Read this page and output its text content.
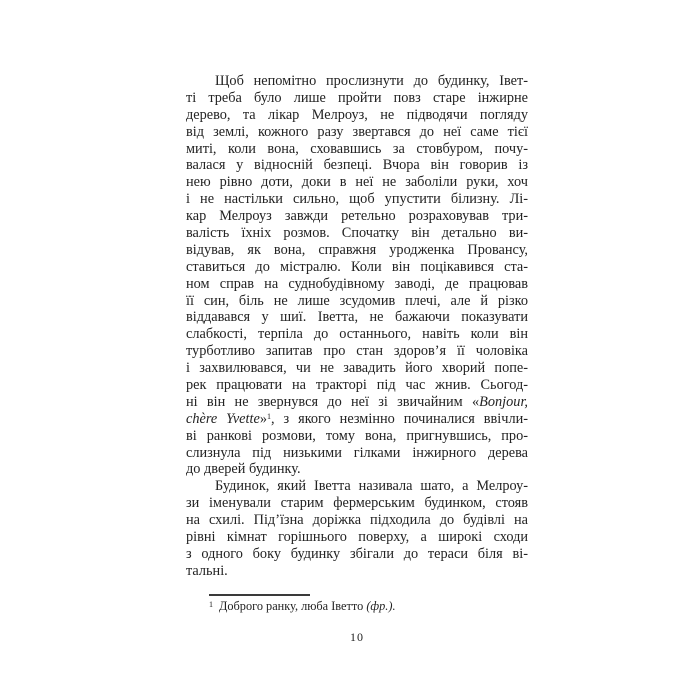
Щоб непомітно прослизнути до будинку, Івет-
ті треба було лише пройти повз старе інжирне
дерево, та лікар Мелроуз, не підводячи погляду
від землі, кожного разу звертався до неї саме тієї
миті, коли вона, сховавшись за стовбуром, почу-
валася у відносній безпеці. Вчора він говорив із
нею рівно доти, доки в неї не заболіли руки, хоч
і не настільки сильно, щоб упустити білизну. Лі-
кар Мелроуз завжди ретельно розраховував три-
валість їхніх розмов. Спочатку він детально ви-
відував, як вона, справжня уродженка Провансу,
ставиться до містралю. Коли він поцікавився ста-
ном справ на суднобудівному заводі, де працював
її син, біль не лише зсудомив плечі, але й різко
віддавався у шиї. Іветта, не бажаючи показувати
слабкості, терпіла до останнього, навіть коли він
турботливо запитав про стан здоров’я її чоловіка
і захвилювався, чи не завадить його хворий попе-
рек працювати на тракторі під час жнив. Сьогод-
ні він не звернувся до неї зі звичайним «Bonjour,
chère Yvette»$^1$, з якого незмінно починалися ввічли-
ві ранкові розмови, тому вона, пригнувшись, про-
слизнула під низькими гілками інжирного дерева
до дверей будинку.
Будинок, який Іветта називала шато, а Мелроу-
зи іменували старим фермерським будинком, стояв
на схилі. Під’їзна доріжка підходила до будівлі на
рівні кімнат горішнього поверху, а широкі сходи
з одного боку будинку збігали до тераси біля ві-
тальні.
$^1$ Доброго ранку, люба Іветто (фр.).
10
